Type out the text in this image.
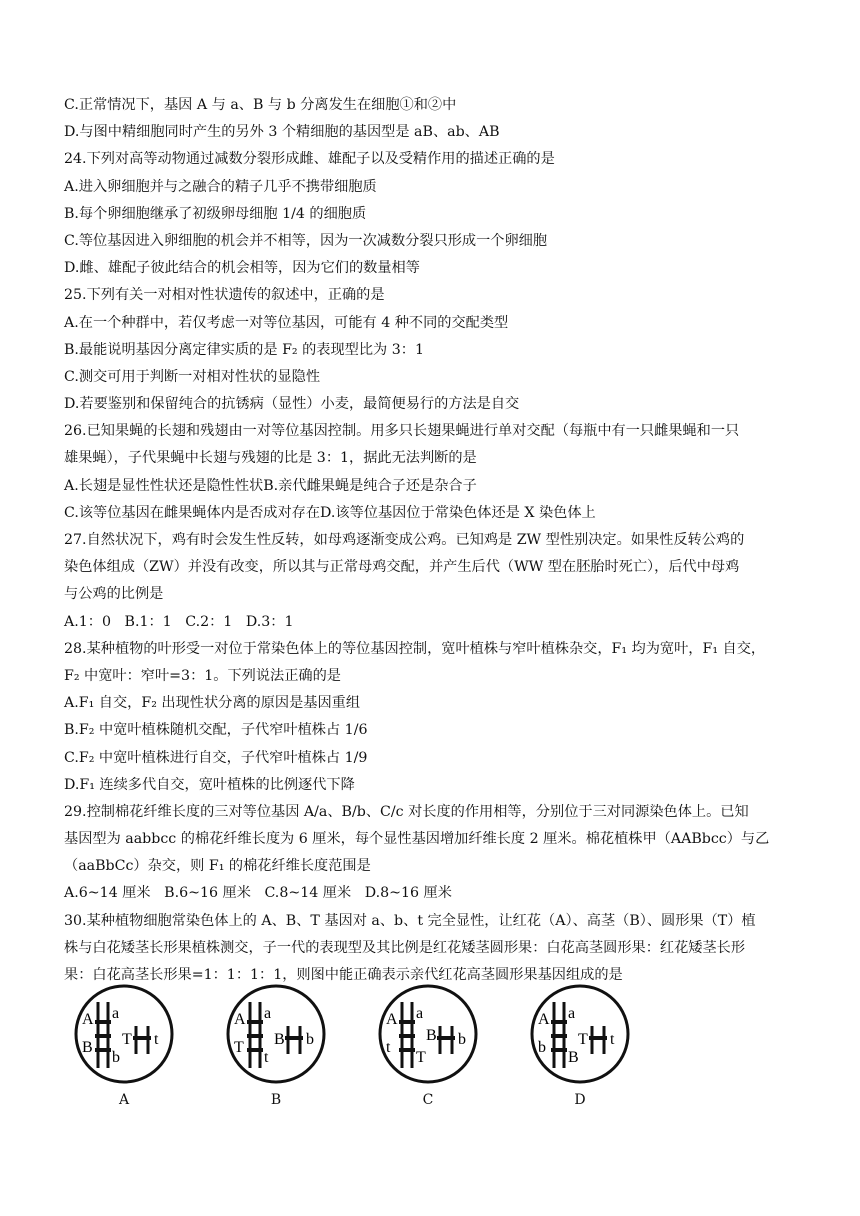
C.正常情况下，基因 A 与 a、B 与 b 分离发生在细胞①和②中
D.与图中精细胞同时产生的另外 3 个精细胞的基因型是 aB、ab、AB
24.下列对高等动物通过减数分裂形成雌、雄配子以及受精作用的描述正确的是
A.进入卵细胞并与之融合的精子几乎不携带细胞质
B.每个卵细胞继承了初级卵母细胞 1/4 的细胞质
C.等位基因进入卵细胞的机会并不相等，因为一次减数分裂只形成一个卵细胞
D.雌、雄配子彼此结合的机会相等，因为它们的数量相等
25.下列有关一对相对性状遗传的叙述中，正确的是
A.在一个种群中，若仅考虑一对等位基因，可能有 4 种不同的交配类型
B.最能说明基因分离定律实质的是 F₂ 的表现型比为 3：1
C.测交可用于判断一对相对性状的显隐性
D.若要鉴别和保留纯合的抗锈病（显性）小麦，最简便易行的方法是自交
26.已知果蝇的长翅和残翅由一对等位基因控制。用多只长翅果蝇进行单对交配（每瓶中有一只雌果蝇和一只
雄果蝇），子代果蝇中长翅与残翅的比是 3：1，据此无法判断的是
A.长翅是显性性状还是隐性性状B.亲代雌果蝇是纯合子还是杂合子
C.该等位基因在雌果蝇体内是否成对存在D.该等位基因位于常染色体还是 X 染色体上
27.自然状况下，鸡有时会发生性反转，如母鸡逐渐变成公鸡。已知鸡是 ZW 型性别决定。如果性反转公鸡的
染色体组成（ZW）并没有改变，所以其与正常母鸡交配，并产生后代（WW 型在胚胎时死亡），后代中母鸡
与公鸡的比例是
A.1：0   B.1：1   C.2：1   D.3：1
28.某种植物的叶形受一对位于常染色体上的等位基因控制，宽叶植株与窄叶植株杂交，F₁ 均为宽叶，F₁ 自交，
F₂ 中宽叶：窄叶=3：1。下列说法正确的是
A.F₁ 自交，F₂ 出现性状分离的原因是基因重组
B.F₂ 中宽叶植株随机交配，子代窄叶植株占 1/6
C.F₂ 中宽叶植株进行自交，子代窄叶植株占 1/9
D.F₁ 连续多代自交，宽叶植株的比例逐代下降
29.控制棉花纤维长度的三对等位基因 A/a、B/b、C/c 对长度的作用相等，分别位于三对同源染色体上。已知
基因型为 aabbcc 的棉花纤维长度为 6 厘米，每个显性基因增加纤维长度 2 厘米。棉花植株甲（AABbcc）与乙
（aaBbCc）杂交，则 F₁ 的棉花纤维长度范围是
A.6~14 厘米   B.6~16 厘米   C.8~14 厘米   D.8~16 厘米
30.某种植物细胞常染色体上的 A、B、T 基因对 a、b、t 完全显性，让红花（A）、高茎（B）、圆形果（T）植
株与白花矮茎长形果植株测交，子一代的表现型及其比例是红花矮茎圆形果：白花高茎圆形果：红花矮茎长形
果：白花高茎长形果=1：1：1：1，则图中能正确表示亲代红花高茎圆形果基因组成的是
A
B
a
b
T t
A
A
T
a
t
B b
B
A
t
a
T
B b
C
A
b
a
B
T t
D
